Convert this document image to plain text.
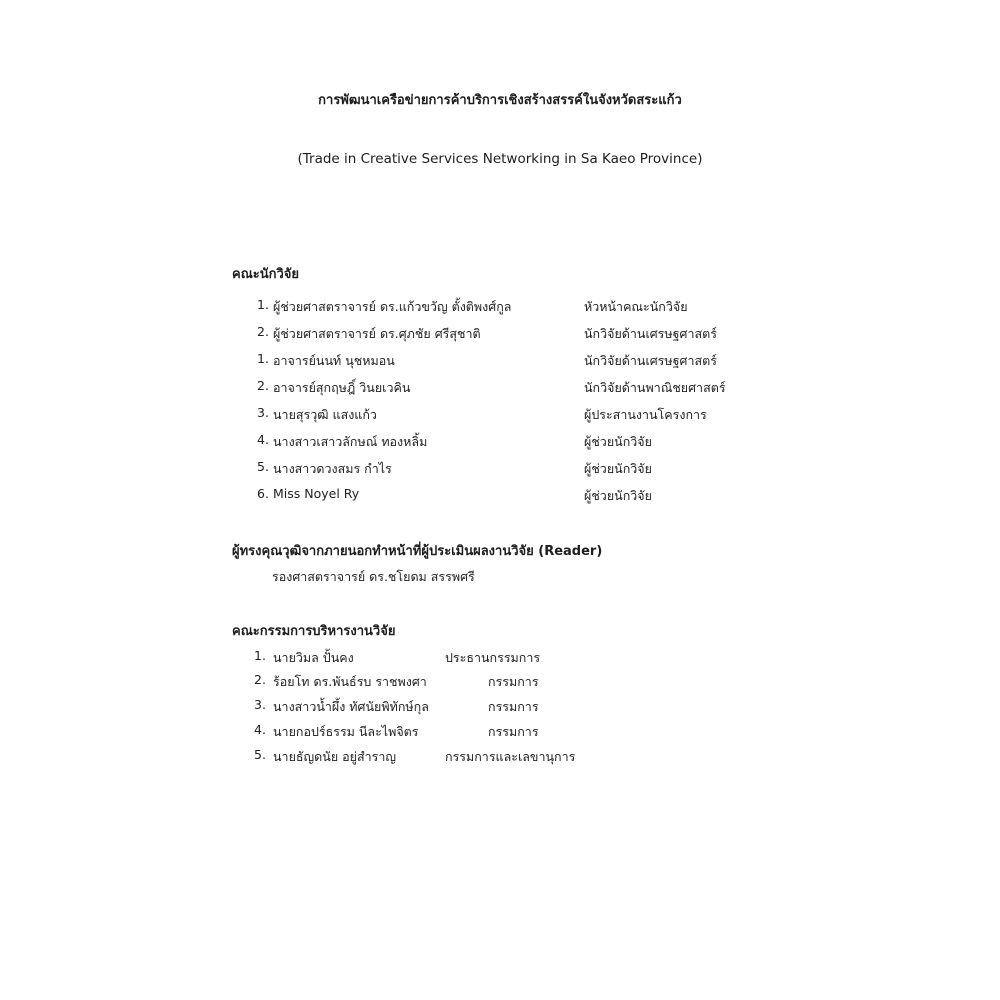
การพัฒนาเครือข่ายการค้าบริการเชิงสร้างสรรค์ในจังหวัดสระแก้ว
(Trade in Creative Services Networking in Sa Kaeo Province)
คณะนักวิจัย
1. ผู้ช่วยศาสตราจารย์ ดร.แก้วขวัญ ตั้งติพงศ์กูล	หัวหน้าคณะนักวิจัย
2. ผู้ช่วยศาสตราจารย์ ดร.ศุภชัย ศรีสุชาติ	นักวิจัยด้านเศรษฐศาสตร์
1. อาจารย์นนท์ นุชหมอน	นักวิจัยด้านเศรษฐศาสตร์
2. อาจารย์สุกฤษฎิ์ วินยเวคิน	นักวิจัยด้านพาณิชยศาสตร์
3. นายสุรวุฒิ แสงแก้ว	ผู้ประสานงานโครงการ
4. นางสาวเสาวลักษณ์ ทองหลิ้ม	ผู้ช่วยนักวิจัย
5. นางสาวดวงสมร กำไร	ผู้ช่วยนักวิจัย
6. Miss Noyel Ry	ผู้ช่วยนักวิจัย
ผู้ทรงคุณวุฒิจากภายนอกทำหน้าที่ผู้ประเมินผลงานวิจัย (Reader)
รองศาสตราจารย์ ดร.ชโยดม สรรพศรี
คณะกรรมการบริหารงานวิจัย
1. นายวิมล ปั้นคง	ประธานกรรมการ
2. ร้อยโท ดร.พันธ์รบ ราชพงศา	กรรมการ
3. นางสาวน้ำผึ้ง ทัศนัยพิทักษ์กุล	กรรมการ
4. นายกอปร์ธรรม นีละไพจิตร	กรรมการ
5. นายธัญดนัย อยู่สำราญ	กรรมการและเลขานุการ
